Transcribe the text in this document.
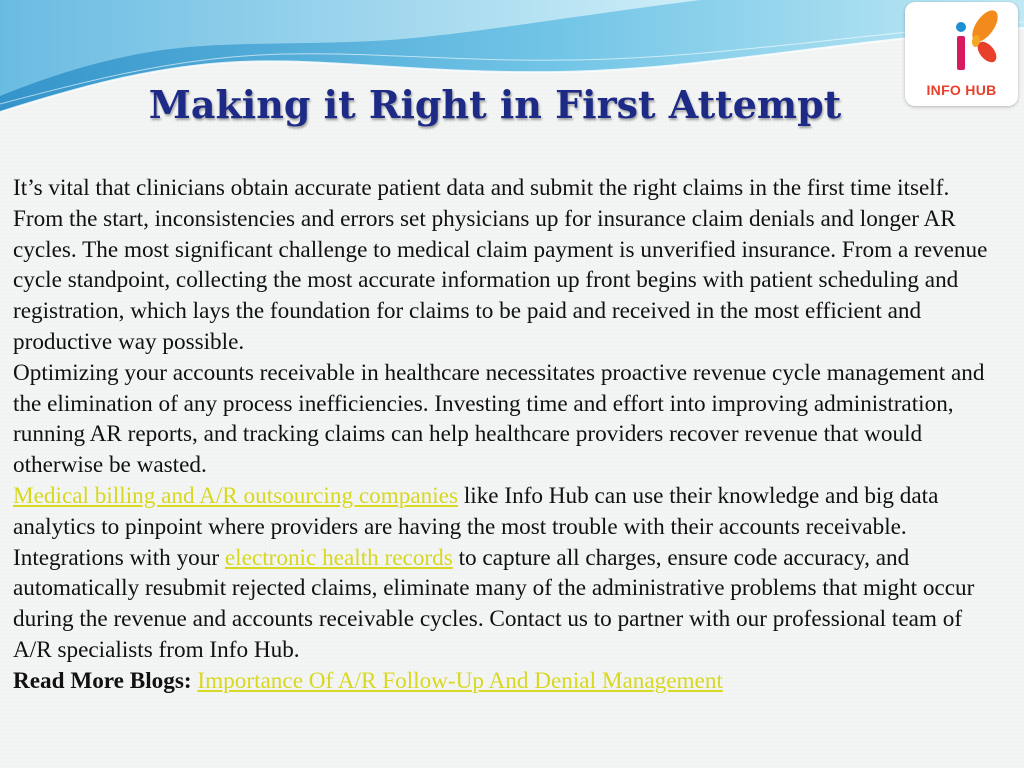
INFO HUB
Making it Right in First Attempt

It’s vital that clinicians obtain accurate patient data and submit the right claims in the first time itself. From the start, inconsistencies and errors set physicians up for insurance claim denials and longer AR cycles. The most significant challenge to medical claim payment is unverified insurance. From a revenue cycle standpoint, collecting the most accurate information up front begins with patient scheduling and registration, which lays the foundation for claims to be paid and received in the most efficient and productive way possible.

Optimizing your accounts receivable in healthcare necessitates proactive revenue cycle management and the elimination of any process inefficiencies. Investing time and effort into improving administration, running AR reports, and tracking claims can help healthcare providers recover revenue that would otherwise be wasted.

Medical billing and A/R outsourcing companies like Info Hub can use their knowledge and big data analytics to pinpoint where providers are having the most trouble with their accounts receivable. Integrations with your electronic health records to capture all charges, ensure code accuracy, and automatically resubmit rejected claims, eliminate many of the administrative problems that might occur during the revenue and accounts receivable cycles. Contact us to partner with our professional team of A/R specialists from Info Hub.

Read More Blogs: Importance Of A/R Follow-Up And Denial Management
